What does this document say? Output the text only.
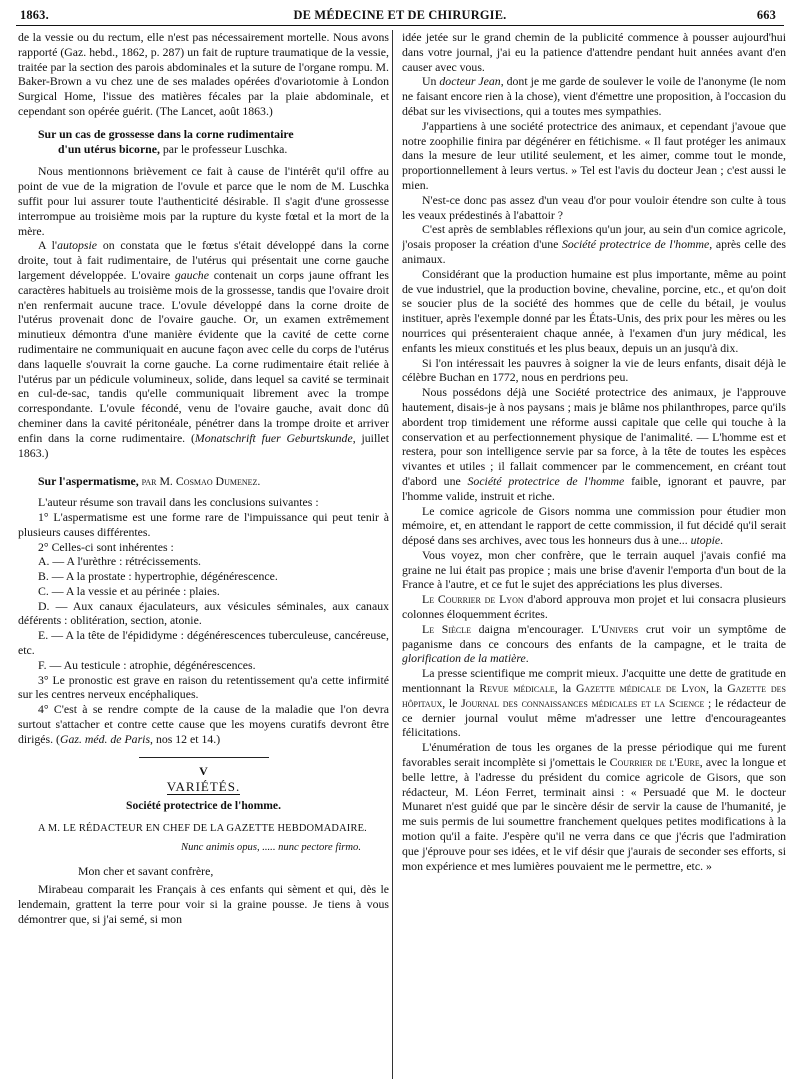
1863.	DE MÉDECINE ET DE CHIRURGIE.	663

de la vessie ou du rectum, elle n'est pas nécessairement mortelle. Nous avons rapporté (Gaz. hebd., 1862, p. 287) un fait de rupture traumatique de la vessie, traitée par la section des parois abdominales et la suture de l'organe rompu. M. Baker-Brown a vu chez une de ses malades opérées d'ovariotomie à London Surgical Home, l'issue des matières fécales par la plaie abdominale, et cependant son opérée guérit. (The Lancet, août 1863.)

Sur un cas de grossesse dans la corne rudimentaire
d'un utérus bicorne, par le professeur Luschka.

Nous mentionnons brièvement ce fait à cause de l'intérêt qu'il offre au point de vue de la migration de l'ovule et parce que le nom de M. Luschka suffit pour lui assurer toute l'authenticité désirable. Il s'agit d'une grossesse interrompue au troisième mois par la rupture du kyste fœtal et la mort de la mère.

A l'autopsie on constata que le fœtus s'était développé dans la corne droite, tout à fait rudimentaire, de l'utérus qui présentait une corne gauche largement développée. L'ovaire gauche contenait un corps jaune offrant les caractères habituels au troisième mois de la grossesse, tandis que l'ovaire droit n'en renfermait aucune trace. L'ovule développé dans la corne droite de l'utérus provenait donc de l'ovaire gauche. Or, un examen extrêmement minutieux démontra d'une manière évidente que la cavité de cette corne rudimentaire ne communiquait en aucune façon avec celle du corps de l'utérus dans laquelle s'ouvrait la corne gauche. La corne rudimentaire était reliée à l'utérus par un pédicule volumineux, solide, dans lequel sa cavité se terminait en cul-de-sac, tandis qu'elle communiquait librement avec la trompe correspondante. L'ovule fécondé, venu de l'ovaire gauche, avait donc dû cheminer dans la cavité péritonéale, pénétrer dans la trompe droite et arriver enfin dans la corne rudimentaire. (Monatschrift fuer Geburtskunde, juillet 1863.)

Sur l'aspermatisme, par M. Cosmao Dumenez.

L'auteur résume son travail dans les conclusions suivantes :

1° L'aspermatisme est une forme rare de l'impuissance qui peut tenir à plusieurs causes différentes.

2° Celles-ci sont inhérentes :

A. — A l'urèthre : rétrécissements.

B. — A la prostate : hypertrophie, dégénérescence.

C. — A la vessie et au périnée : plaies.

D. — Aux canaux éjaculateurs, aux vésicules séminales, aux canaux déférents : oblitération, section, atonie.

E. — A la tête de l'épididyme : dégénérescences tuberculeuse, cancéreuse, etc.

F. — Au testicule : atrophie, dégénérescences.

3° Le pronostic est grave en raison du retentissement qu'a cette infirmité sur les centres nerveux encéphaliques.

4° C'est à se rendre compte de la cause de la maladie que l'on devra surtout s'attacher et contre cette cause que les moyens curatifs devront être dirigés. (Gaz. méd. de Paris, nos 12 et 14.)

V
VARIÉTÉS.
Société protectrice de l'homme.
A M. LE RÉDACTEUR EN CHEF DE LA GAZETTE HEBDOMADAIRE.
Nunc animis opus, ..... nunc pectore firmo.
Mon cher et savant confrère,

Mirabeau comparait les Français à ces enfants qui sèment et qui, dès le lendemain, grattent la terre pour voir si la graine pousse. Je tiens à vous démontrer que, si j'ai semé, si mon

idée jetée sur le grand chemin de la publicité commence à pousser aujourd'hui dans votre journal, j'ai eu la patience d'attendre pendant huit années avant d'en causer avec vous.

Un docteur Jean, dont je me garde de soulever le voile de l'anonyme (le nom ne faisant encore rien à la chose), vient d'émettre une proposition, à l'occasion du débat sur les vivisections, qui a toutes mes sympathies.

J'appartiens à une société protectrice des animaux, et cependant j'avoue que notre zoophilie finira par dégénérer en fétichisme. « Il faut protéger les animaux dans la mesure de leur utilité seulement, et les aimer, comme tout le monde, proportionnellement à leurs vertus. » Tel est l'avis du docteur Jean ; c'est aussi le mien.

N'est-ce donc pas assez d'un veau d'or pour vouloir étendre son culte à tous les veaux prédestinés à l'abattoir ?

C'est après de semblables réflexions qu'un jour, au sein d'un comice agricole, j'osais proposer la création d'une Société protectrice de l'homme, après celle des animaux.

Considérant que la production humaine est plus importante, même au point de vue industriel, que la production bovine, chevaline, porcine, etc., et qu'on doit se soucier plus de la société des hommes que de celle du bétail, je voulus instituer, après l'exemple donné par les États-Unis, des prix pour les mères ou les nourrices qui présenteraient chaque année, à l'examen d'un jury médical, les enfants les mieux constitués et les plus beaux, depuis un an jusqu'à dix.

Si l'on intéressait les pauvres à soigner la vie de leurs enfants, disait déjà le célèbre Buchan en 1772, nous en perdrions peu.

Nous possédons déjà une Société protectrice des animaux, je l'approuve hautement, disais-je à nos paysans ; mais je blâme nos philanthropes, parce qu'ils abordent trop timidement une réforme aussi capitale que celle qui touche à la conservation et au perfectionnement physique de l'animalité. — L'homme est et restera, pour son intelligence servie par sa force, à la tête de toutes les espèces vivantes et utiles ; il fallait commencer par le commencement, en créant tout d'abord une Société protectrice de l'homme faible, ignorant et pauvre, par l'homme valide, instruit et riche.

Le comice agricole de Gisors nomma une commission pour étudier mon mémoire, et, en attendant le rapport de cette commission, il fut décidé qu'il serait déposé dans ses archives, avec tous les honneurs dus à une... utopie.

Vous voyez, mon cher confrère, que le terrain auquel j'avais confié ma graine ne lui était pas propice ; mais une brise d'avenir l'emporta d'un bout de la France à l'autre, et ce fut le sujet des appréciations les plus diverses.

Le Courrier de Lyon d'abord approuva mon projet et lui consacra plusieurs colonnes éloquemment écrites.

Le Siècle daigna m'encourager. L'Univers crut voir un symptôme de paganisme dans ce concours des enfants de la campagne, et le traita de glorification de la matière.

La presse scientifique me comprit mieux. J'acquitte une dette de gratitude en mentionnant la Revue médicale, la Gazette médicale de Lyon, la Gazette des hôpitaux, le Journal des connaissances médicales et la Science ; le rédacteur de ce dernier journal voulut même m'adresser une lettre d'encourageantes félicitations.

L'énumération de tous les organes de la presse périodique qui me furent favorables serait incomplète si j'omettais le Courrier de l'Eure, avec la longue et belle lettre, à l'adresse du président du comice agricole de Gisors, que son rédacteur, M. Léon Ferret, terminait ainsi : « Persuadé que M. le docteur Munaret n'est guidé que par le sincère désir de servir la cause de l'humanité, je me suis permis de lui soumettre franchement quelques petites modifications à la motion qu'il a faite. J'espère qu'il ne verra dans ce que j'écris que l'admiration que j'éprouve pour ses idées, et le vif désir que j'aurais de seconder ses efforts, si mon expérience et mes lumières pouvaient me le permettre, etc. »
